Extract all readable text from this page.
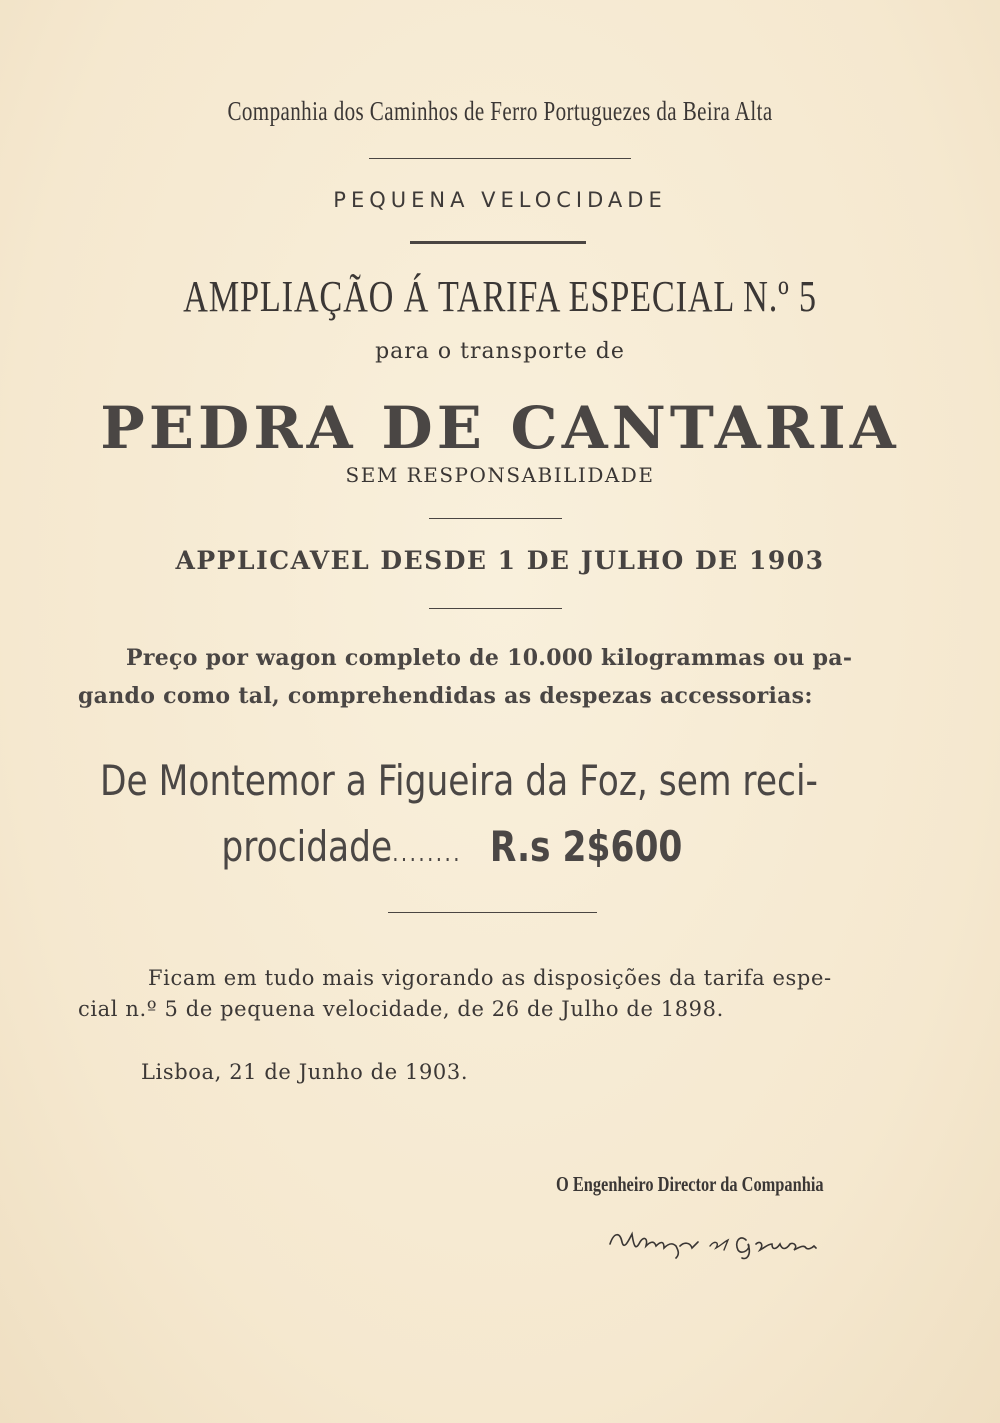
Companhia dos Caminhos de Ferro Portuguezes da Beira Alta
PEQUENA VELOCIDADE
AMPLIAÇÃO Á TARIFA ESPECIAL N.º 5
para o transporte de
PEDRA DE CANTARIA
SEM RESPONSABILIDADE
APPLICAVEL DESDE 1 DE JULHO DE 1903
Preço por wagon completo de 10.000 kilogrammas ou pa-
gando como tal, comprehendidas as despezas accessorias:
De Montemor a Figueira da Foz, sem reci-
procidade........ R.s 2$600
Ficam em tudo mais vigorando as disposições da tarifa espe-
cial n.º 5 de pequena velocidade, de 26 de Julho de 1898.
Lisboa, 21 de Junho de 1903.
O Engenheiro Director da Companhia
